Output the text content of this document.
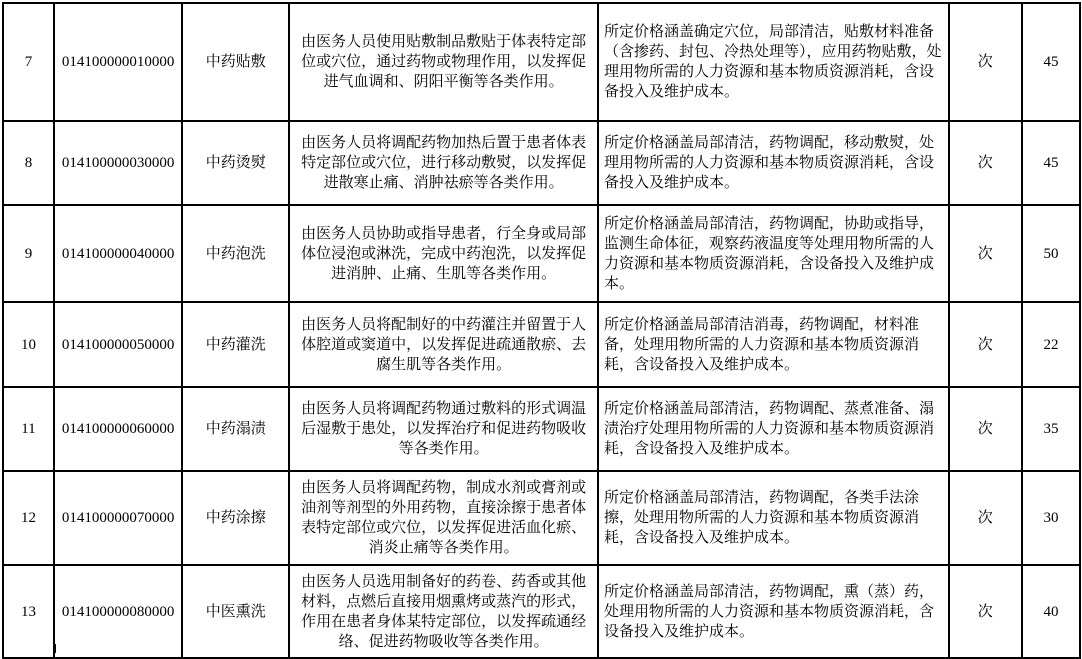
7	014100000010000	中药贴敷	由医务人员使用贴敷制品敷贴于体表特定部位或穴位，通过药物或物理作用，以发挥促进气血调和、阴阳平衡等各类作用。	所定价格涵盖确定穴位，局部清洁，贴敷材料准备（含掺药、封包、冷热处理等），应用药物贴敷，处理用物所需的人力资源和基本物质资源消耗，含设备投入及维护成本。	次	45
8	014100000030000	中药烫熨	由医务人员将调配药物加热后置于患者体表特定部位或穴位，进行移动敷熨，以发挥促进散寒止痛、消肿祛瘀等各类作用。	所定价格涵盖局部清洁，药物调配，移动敷熨，处理用物所需的人力资源和基本物质资源消耗，含设备投入及维护成本。	次	45
9	014100000040000	中药泡洗	由医务人员协助或指导患者，行全身或局部体位浸泡或淋洗，完成中药泡洗，以发挥促进消肿、止痛、生肌等各类作用。	所定价格涵盖局部清洁，药物调配，协助或指导，监测生命体征，观察药液温度等处理用物所需的人力资源和基本物质资源消耗，含设备投入及维护成本。	次	50
10	014100000050000	中药灌洗	由医务人员将配制好的中药灌注并留置于人体腔道或窦道中，以发挥促进疏通散瘀、去腐生肌等各类作用。	所定价格涵盖局部清洁消毒，药物调配，材料准备，处理用物所需的人力资源和基本物质资源消耗，含设备投入及维护成本。	次	22
11	014100000060000	中药溻渍	由医务人员将调配药物通过敷料的形式调温后湿敷于患处，以发挥治疗和促进药物吸收等各类作用。	所定价格涵盖局部清洁，药物调配、蒸煮准备、溻渍治疗处理用物所需的人力资源和基本物质资源消耗，含设备投入及维护成本。	次	35
12	014100000070000	中药涂擦	由医务人员将调配药物，制成水剂或膏剂或油剂等剂型的外用药物，直接涂擦于患者体表特定部位或穴位，以发挥促进活血化瘀、消炎止痛等各类作用。	所定价格涵盖局部清洁，药物调配，各类手法涂擦，处理用物所需的人力资源和基本物质资源消耗，含设备投入及维护成本。	次	30
13	014100000080000	中医熏洗	由医务人员选用制备好的药卷、药香或其他材料，点燃后直接用烟熏烤或蒸汽的形式，作用在患者身体某特定部位，以发挥疏通经络、促进药物吸收等各类作用。	所定价格涵盖局部清洁，药物调配，熏（蒸）药，处理用物所需的人力资源和基本物质资源消耗，含设备投入及维护成本。	次	40
